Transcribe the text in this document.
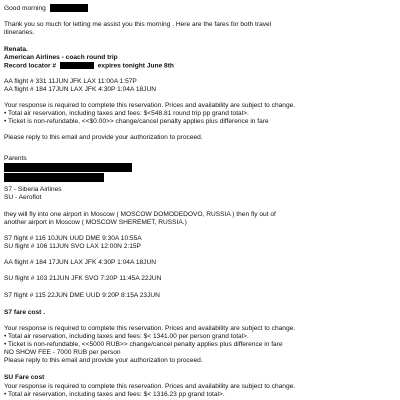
Good morning
Thank you so much for letting me assist you this morning . Here are the fares for both travel
itineraries.
Renata.
American Airlines - coach round trip
Record locator #	expires tonight June 8th
AA flight # 331 11JUN JFK LAX 11:00A 1:57P
AA flight # 184 17JUN LAX JFK 4:30P 1:04A 18JUN
Your response is required to complete this reservation. Prices and availability are subject to change.
• Total air reservation, including taxes and fees: $<548.81 round trip pp grand total>.
• Ticket is non-refundable, <<$0.00>> change/cancel penalty applies plus difference in fare
Please reply to this email and provide your authorization to proceed.
Parents
S7 - Siberia Airlines
SU - Aeroflot
they will fly into one airport in Moscow ( MOSCOW DOMODEDOVO, RUSSIA ) then fly out of
another airport in Moscow ( MOSCOW SHEREMET, RUSSIA.)
S7 flight # 116 10JUN UUD DME 9:30A 10:55A
SU flight # 106 11JUN SVO LAX 12:00N 2:15P
AA flight # 184 17JUN LAX JFK 4:30P 1:04A 18JUN
SU flight # 103 21JUN JFK SVO 7:20P 11:45A 22JUN
S7 flight # 115 22JUN DME UUD 9:20P 8:15A 23JUN
S7 fare cost .
Your response is required to complete this reservation. Prices and availability are subject to change.
• Total air reservation, including taxes and fees: $< 1341.00 per person grand total>.
• Ticket is non-refundable, <<5000 RUB>> change/cancel penalty applies plus difference in fare
NO SHOW FEE - 7000 RUB per person
Please reply to this email and provide your authorization to proceed.
SU Fare cost
Your response is required to complete this reservation. Prices and availability are subject to change.
• Total air reservation, including taxes and fees: $< 1316.23 pp grand total>.
